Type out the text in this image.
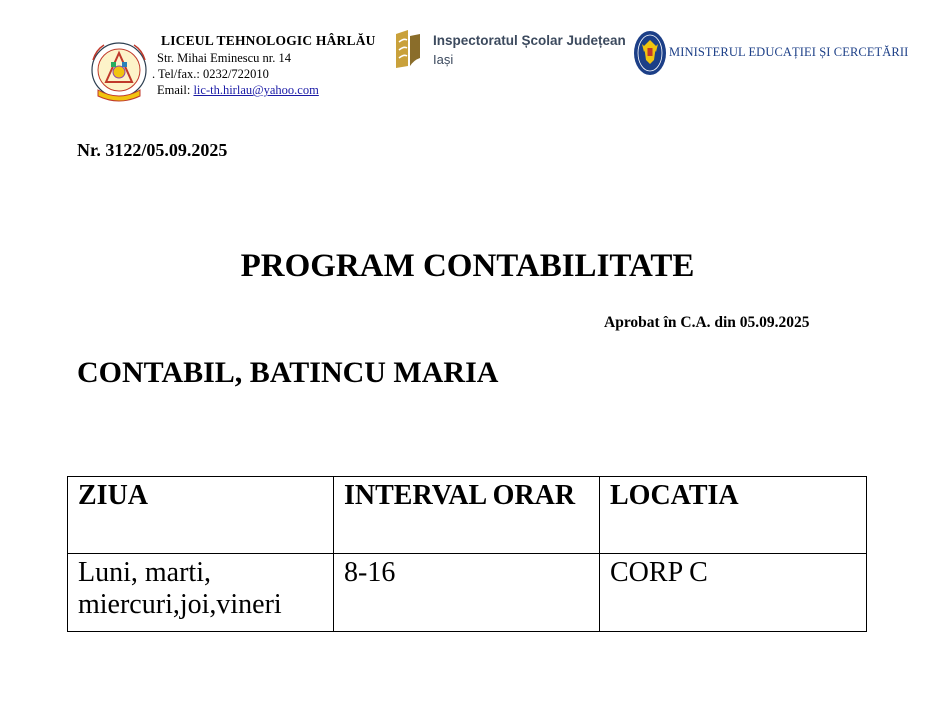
LICEUL TEHNOLOGIC HÂRLĂU
Str. Mihai Eminescu nr. 14
. Tel/fax.: 0232/722010
Email: lic-th.hirlau@yahoo.com
Inspectoratul Școlar Județean
Iași	MINISTERUL EDUCAȚIEI ȘI CERCETĂRII
Nr. 3122/05.09.2025
PROGRAM CONTABILITATE
Aprobat în C.A. din 05.09.2025
CONTABIL, BATINCU MARIA
ZIUA	INTERVAL ORAR	LOCATIA
Luni, marti, miercuri,joi,vineri	8-16	CORP C
